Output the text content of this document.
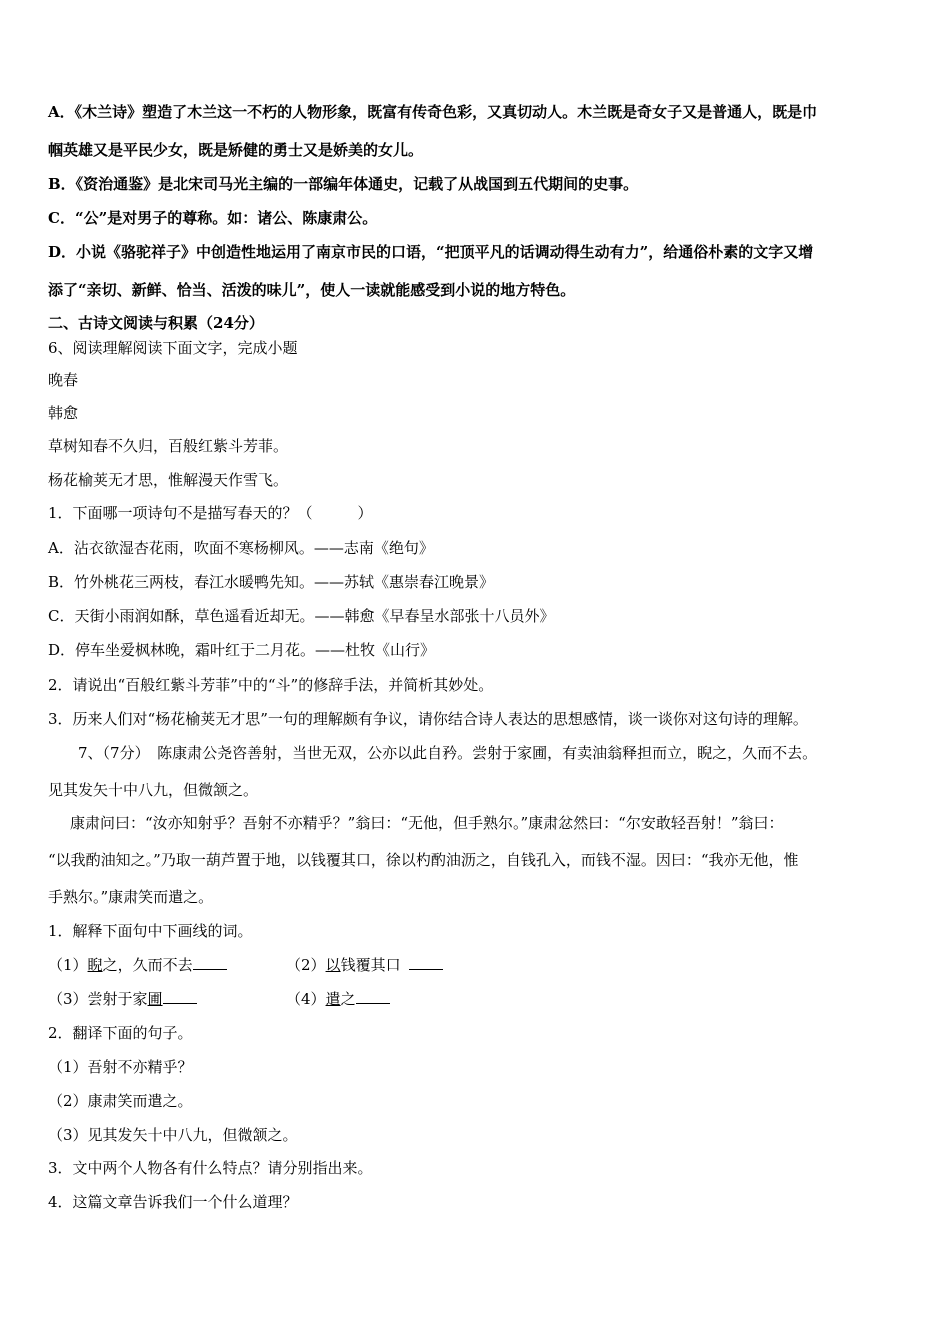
A．《木兰诗》塑造了木兰这一不朽的人物形象，既富有传奇色彩，又真切动人。木兰既是奇女子又是普通人，既是巾
帼英雄又是平民少女，既是矫健的勇士又是娇美的女儿。
B．《资治通鉴》是北宋司马光主编的一部编年体通史，记载了从战国到五代期间的史事。
C．“公”是对男子的尊称。如：诸公、陈康肃公。
D．小说《骆驼祥子》中创造性地运用了南京市民的口语，“把顶平凡的话调动得生动有力”，给通俗朴素的文字又增
添了“亲切、新鲜、恰当、活泼的味儿”，使人一读就能感受到小说的地方特色。
二、古诗文阅读与积累（24分）
6、阅读理解阅读下面文字，完成小题
晚春
韩愈
草树知春不久归，百般红紫斗芳菲。
杨花榆荚无才思，惟解漫天作雪飞。
1．下面哪一项诗句不是描写春天的？（　　　）
A．沾衣欲湿杏花雨，吹面不寒杨柳风。——志南《绝句》
B．竹外桃花三两枝，春江水暖鸭先知。——苏轼《惠崇春江晚景》
C．天街小雨润如酥，草色遥看近却无。——韩愈《早春呈水部张十八员外》
D．停车坐爱枫林晚，霜叶红于二月花。——杜牧《山行》
2．请说出“百般红紫斗芳菲”中的“斗”的修辞手法，并简析其妙处。
3．历来人们对“杨花榆荚无才思”一句的理解颇有争议，请你结合诗人表达的思想感情，谈一谈你对这句诗的理解。
7、（7分）　陈康肃公尧咨善射，当世无双，公亦以此自矜。尝射于家圃，有卖油翁释担而立，睨之，久而不去。
见其发矢十中八九，但微颔之。
康肃问曰：“汝亦知射乎？吾射不亦精乎？”翁曰：“无他，但手熟尔。”康肃忿然曰：“尔安敢轻吾射！”翁曰：
“以我酌油知之。”乃取一葫芦置于地，以钱覆其口，徐以杓酌油沥之，自钱孔入，而钱不湿。因曰：“我亦无他，惟
手熟尔。”康肃笑而遣之。
1．解释下面句中下画线的词。
（1）睨之，久而不去	（2）以钱覆其口
（3）尝射于家圃	（4）遣之
2．翻译下面的句子。
（1）吾射不亦精乎？
（2）康肃笑而遣之。
（3）见其发矢十中八九，但微颔之。
3．文中两个人物各有什么特点？请分别指出来。
4．这篇文章告诉我们一个什么道理？
